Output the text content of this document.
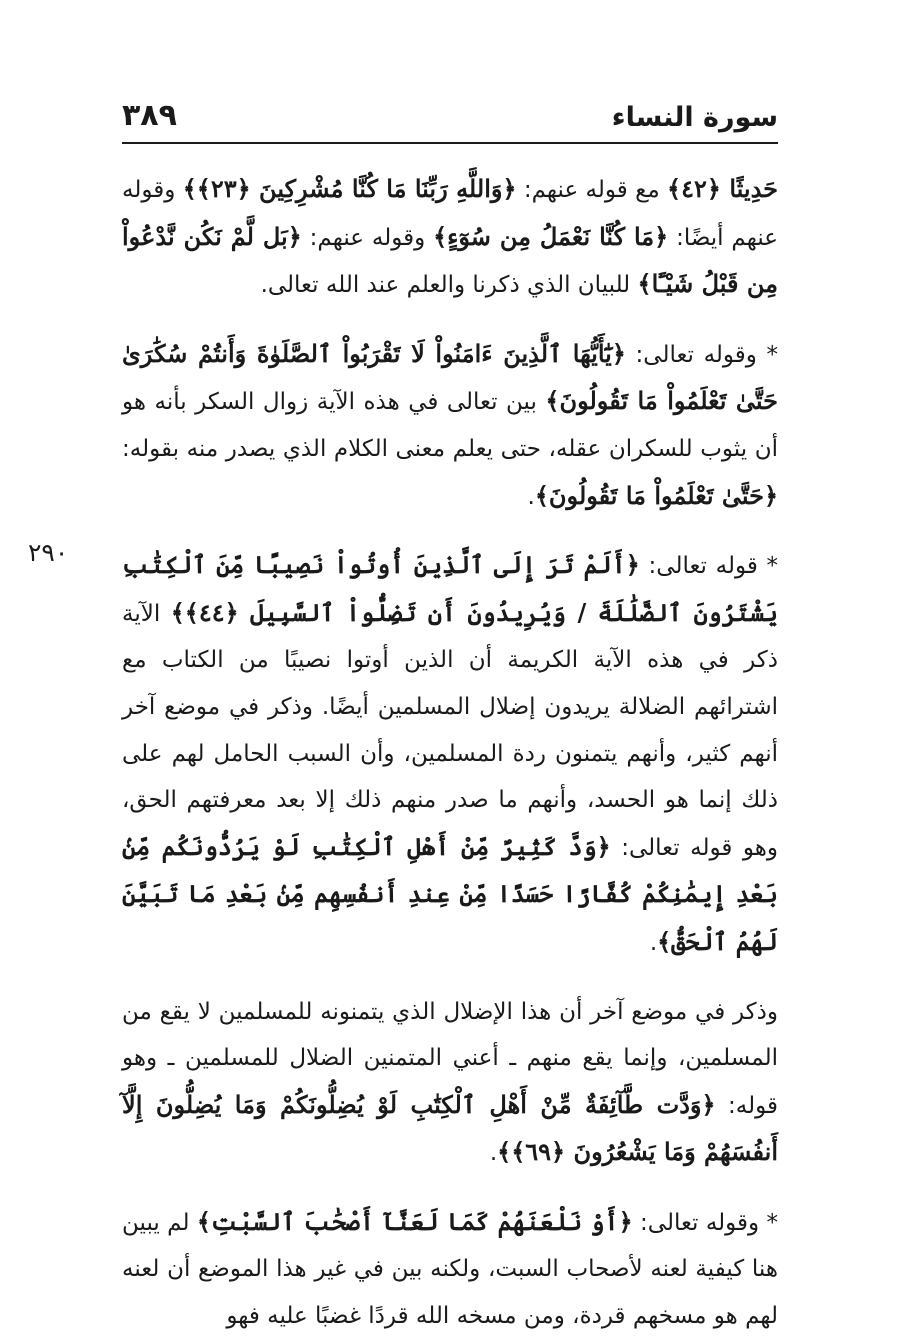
سورة النساء
٣٨٩
٢٩٠

حَدِيثًا ﴿٤٢﴾ مع قوله عنهم: ﴿وَاللَّهِ رَبِّنَا مَا كُنَّا مُشْرِكِينَ ﴿٢٣﴾﴾ وقوله عنهم أيضًا: ﴿مَا كُنَّا نَعْمَلُ مِن سُوٓءٍ﴾ وقوله عنهم: ﴿بَل لَّمْ نَكُن نَّدْعُواْ مِن قَبْلُ شَيْـًٔا﴾ للبيان الذي ذكرنا والعلم عند الله تعالى.

* وقوله تعالى: ﴿يَٰٓأَيُّهَا ٱلَّذِينَ ءَامَنُواْ لَا تَقْرَبُواْ ٱلصَّلَوٰةَ وَأَنتُمْ سُكَٰرَىٰ حَتَّىٰ تَعْلَمُواْ مَا تَقُولُونَ﴾ بين تعالى في هذه الآية زوال السكر بأنه هو أن يثوب للسكران عقله، حتى يعلم معنى الكلام الذي يصدر منه بقوله: ﴿حَتَّىٰ تَعْلَمُواْ مَا تَقُولُونَ﴾.

* قوله تعالى: ﴿أَلَمْ تَرَ إِلَى ٱلَّذِينَ أُوتُواْ نَصِيبًا مِّنَ ٱلْكِتَٰبِ يَشْتَرُونَ ٱلضَّلَٰلَةَ / وَيُرِيدُونَ أَن تَضِلُّواْ ٱلسَّبِيلَ ﴿٤٤﴾﴾ الآية ذكر في هذه الآية الكريمة أن الذين أوتوا نصيبًا من الكتاب مع اشترائهم الضلالة يريدون إضلال المسلمين أيضًا. وذكر في موضع آخر أنهم كثير، وأنهم يتمنون ردة المسلمين، وأن السبب الحامل لهم على ذلك إنما هو الحسد، وأنهم ما صدر منهم ذلك إلا بعد معرفتهم الحق، وهو قوله تعالى: ﴿وَدَّ كَثِيرٌ مِّنْ أَهْلِ ٱلْكِتَٰبِ لَوْ يَرُدُّونَكُم مِّنۢ بَعْدِ إِيمَٰنِكُمْ كُفَّارًا حَسَدًا مِّنْ عِندِ أَنفُسِهِم مِّنۢ بَعْدِ مَا تَبَيَّنَ لَهُمُ ٱلْحَقُّ﴾.

وذكر في موضع آخر أن هذا الإضلال الذي يتمنونه للمسلمين لا يقع من المسلمين، وإنما يقع منهم ـ أعني المتمنين الضلال للمسلمين ـ وهو قوله: ﴿وَدَّت طَّآئِفَةٌ مِّنْ أَهْلِ ٱلْكِتَٰبِ لَوْ يُضِلُّونَكُمْ وَمَا يُضِلُّونَ إِلَّآ أَنفُسَهُمْ وَمَا يَشْعُرُونَ ﴿٦٩﴾﴾.

* وقوله تعالى: ﴿أَوْ نَلْعَنَهُمْ كَمَا لَعَنَّآ أَصْحَٰبَ ٱلسَّبْتِ﴾ لم يبين هنا كيفية لعنه لأصحاب السبت، ولكنه بين في غير هذا الموضع أن لعنه لهم هو مسخهم قردة، ومن مسخه الله قردًا غضبًا عليه فهو
